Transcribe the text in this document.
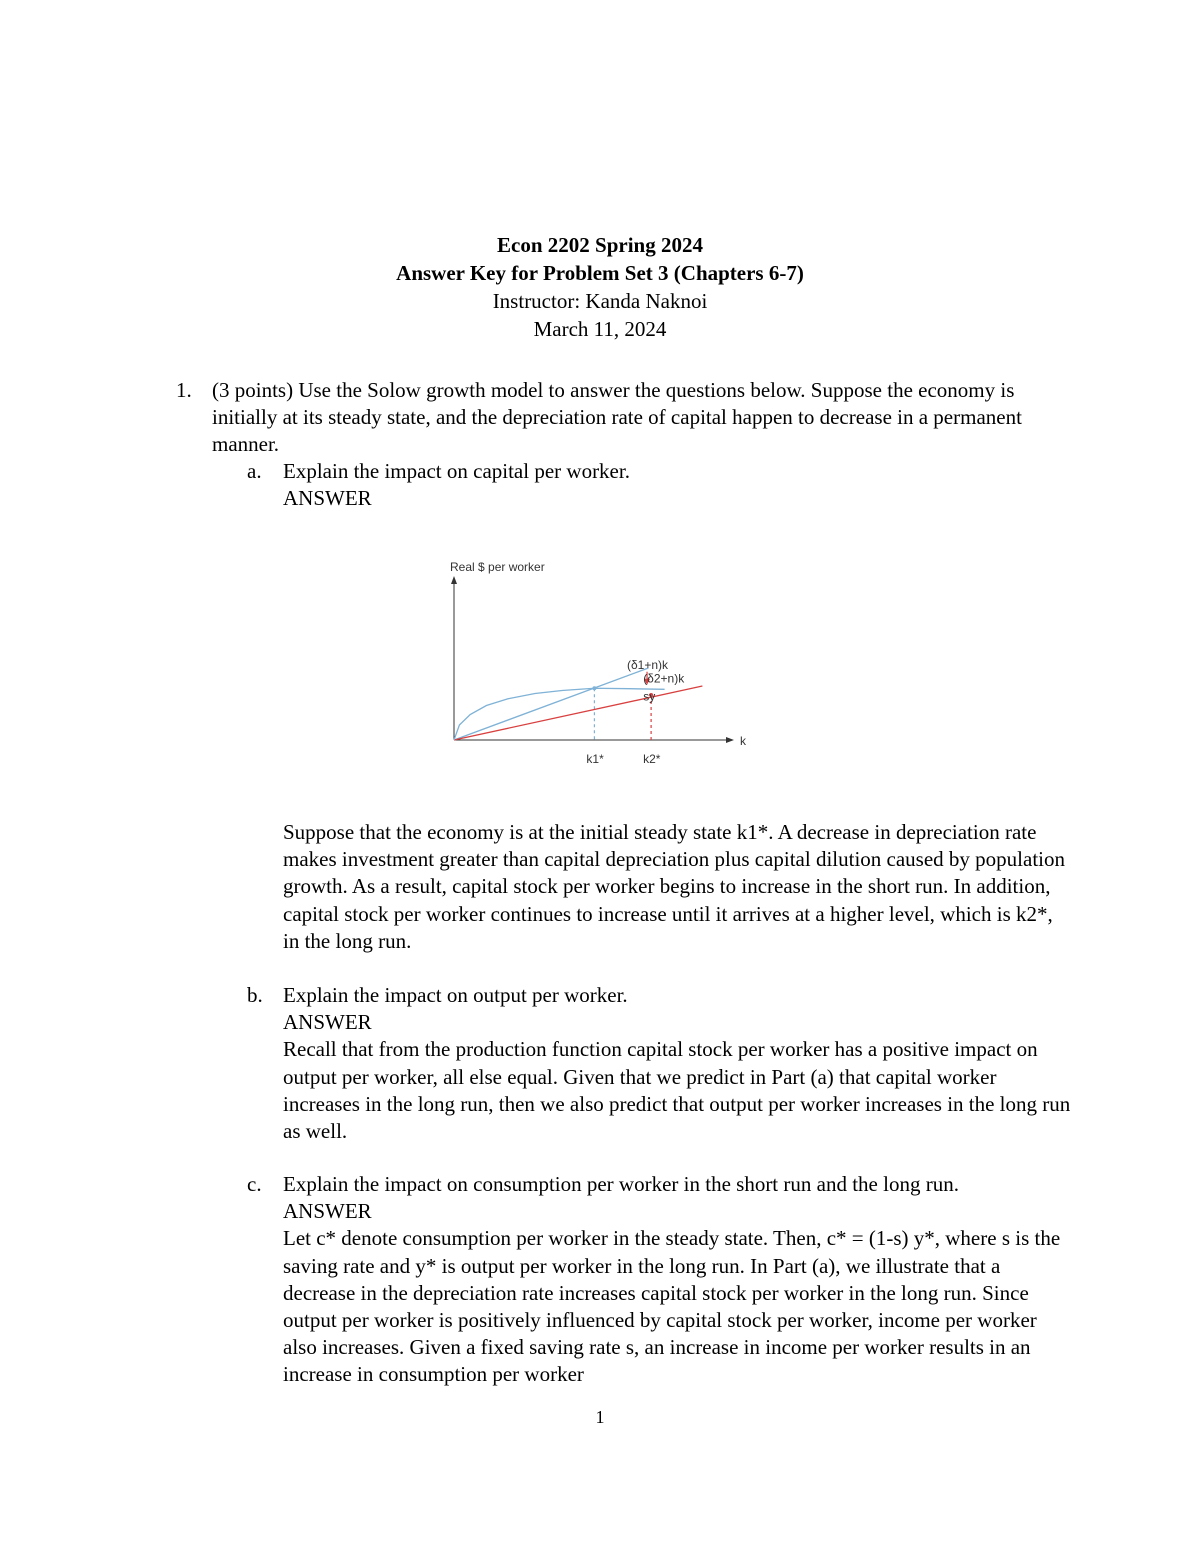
Econ 2202 Spring 2024
Answer Key for Problem Set 3 (Chapters 6-7)
Instructor: Kanda Naknoi
March 11, 2024
1. (3 points) Use the Solow growth model to answer the questions below. Suppose the economy is initially at its steady state, and the depreciation rate of capital happen to decrease in a permanent manner.
a. Explain the impact on capital per worker.
ANSWER
Real $ per worker
k
k1*	k2*
(δ1+n)k
(δ2+n)k
sy
Suppose that the economy is at the initial steady state k1*. A decrease in depreciation rate makes investment greater than capital depreciation plus capital dilution caused by population growth. As a result, capital stock per worker begins to increase in the short run. In addition, capital stock per worker continues to increase until it arrives at a higher level, which is k2*, in the long run.
b. Explain the impact on output per worker.
ANSWER
Recall that from the production function capital stock per worker has a positive impact on output per worker, all else equal. Given that we predict in Part (a) that capital worker increases in the long run, then we also predict that output per worker increases in the long run as well.
c. Explain the impact on consumption per worker in the short run and the long run.
ANSWER
Let c* denote consumption per worker in the steady state. Then, c* = (1-s) y*, where s is the saving rate and y* is output per worker in the long run. In Part (a), we illustrate that a decrease in the depreciation rate increases capital stock per worker in the long run. Since output per worker is positively influenced by capital stock per worker, income per worker also increases. Given a fixed saving rate s, an increase in income per worker results in an increase in consumption per worker
1
